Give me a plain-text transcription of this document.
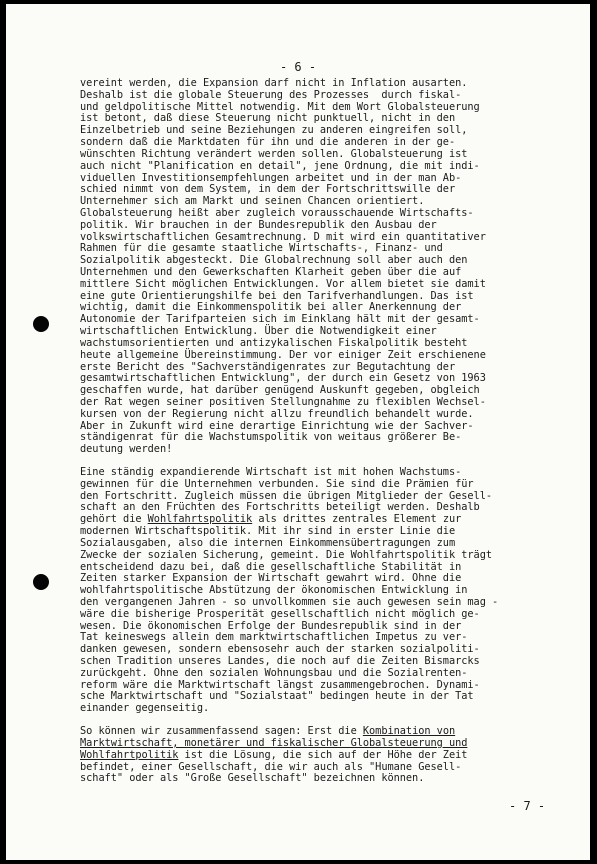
- 6 -

vereint werden, die Expansion darf nicht in Inflation ausarten.
Deshalb ist die globale Steuerung des Prozesses  durch fiskal-
und geldpolitische Mittel notwendig. Mit dem Wort Globalsteuerung
ist betont, daß diese Steuerung nicht punktuell, nicht in den
Einzelbetrieb und seine Beziehungen zu anderen eingreifen soll,
sondern daß die Marktdaten für ihn und die anderen in der ge-
wünschten Richtung verändert werden sollen. Globalsteuerung ist
auch nicht "Planification en detail", jene Ordnung, die mit indi-
viduellen Investitionsempfehlungen arbeitet und in der man Ab-
schied nimmt von dem System, in dem der Fortschrittswille der
Unternehmer sich am Markt und seinen Chancen orientiert.
Globalsteuerung heißt aber zugleich vorausschauende Wirtschafts-
politik. Wir brauchen in der Bundesrepublik den Ausbau der
volkswirtschaftlichen Gesamtrechnung. D mit wird ein quantitativer
Rahmen für die gesamte staatliche Wirtschafts-, Finanz- und
Sozialpolitik abgesteckt. Die Globalrechnung soll aber auch den
Unternehmen und den Gewerkschaften Klarheit geben über die auf
mittlere Sicht möglichen Entwicklungen. Vor allem bietet sie damit
eine gute Orientierungshilfe bei den Tarifverhandlungen. Das ist
wichtig, damit die Einkommenspolitik bei aller Anerkennung der
Autonomie der Tarifparteien sich im Einklang hält mit der gesamt-
wirtschaftlichen Entwicklung. Über die Notwendigkeit einer
wachstumsorientierten und antizykalischen Fiskalpolitik besteht
heute allgemeine Übereinstimmung. Der vor einiger Zeit erschienene
erste Bericht des "Sachverständigenrates zur Begutachtung der
gesamtwirtschaftlichen Entwicklung", der durch ein Gesetz von 1963
geschaffen wurde, hat darüber genügend Auskunft gegeben, obgleich
der Rat wegen seiner positiven Stellungnahme zu flexiblen Wechsel-
kursen von der Regierung nicht allzu freundlich behandelt wurde.
Aber in Zukunft wird eine derartige Einrichtung wie der Sachver-
ständigenrat für die Wachstumspolitik von weitaus größerer Be-
deutung werden!

Eine ständig expandierende Wirtschaft ist mit hohen Wachstums-
gewinnen für die Unternehmen verbunden. Sie sind die Prämien für
den Fortschritt. Zugleich müssen die übrigen Mitglieder der Gesell-
schaft an den Früchten des Fortschritts beteiligt werden. Deshalb
gehört die Wohlfahrtspolitik als drittes zentrales Element zur
modernen Wirtschaftspolitik. Mit ihr sind in erster Linie die
Sozialausgaben, also die internen Einkommensübertragungen zum
Zwecke der sozialen Sicherung, gemeint. Die Wohlfahrtspolitik trägt
entscheidend dazu bei, daß die gesellschaftliche Stabilität in
Zeiten starker Expansion der Wirtschaft gewahrt wird. Ohne die
wohlfahrtspolitische Abstützung der ökonomischen Entwicklung in
den vergangenen Jahren - so unvollkommen sie auch gewesen sein mag -
wäre die bisherige Prosperität gesellschaftlich nicht möglich ge-
wesen. Die ökonomischen Erfolge der Bundesrepublik sind in der
Tat keineswegs allein dem marktwirtschaftlichen Impetus zu ver-
danken gewesen, sondern ebensosehr auch der starken sozialpoliti-
schen Tradition unseres Landes, die noch auf die Zeiten Bismarcks
zurückgeht. Ohne den sozialen Wohnungsbau und die Sozialrenten-
reform wäre die Marktwirtschaft längst zusammengebrochen. Dynami-
sche Marktwirtschaft und "Sozialstaat" bedingen heute in der Tat
einander gegenseitig.

So können wir zusammenfassend sagen: Erst die Kombination von
Marktwirtschaft, monetärer und fiskalischer Globalsteuerung und
Wohlfahrtpolitik ist die Lösung, die sich auf der Höhe der Zeit
befindet, einer Gesellschaft, die wir auch als "Humane Gesell-
schaft" oder als "Große Gesellschaft" bezeichnen können.

- 7 -
